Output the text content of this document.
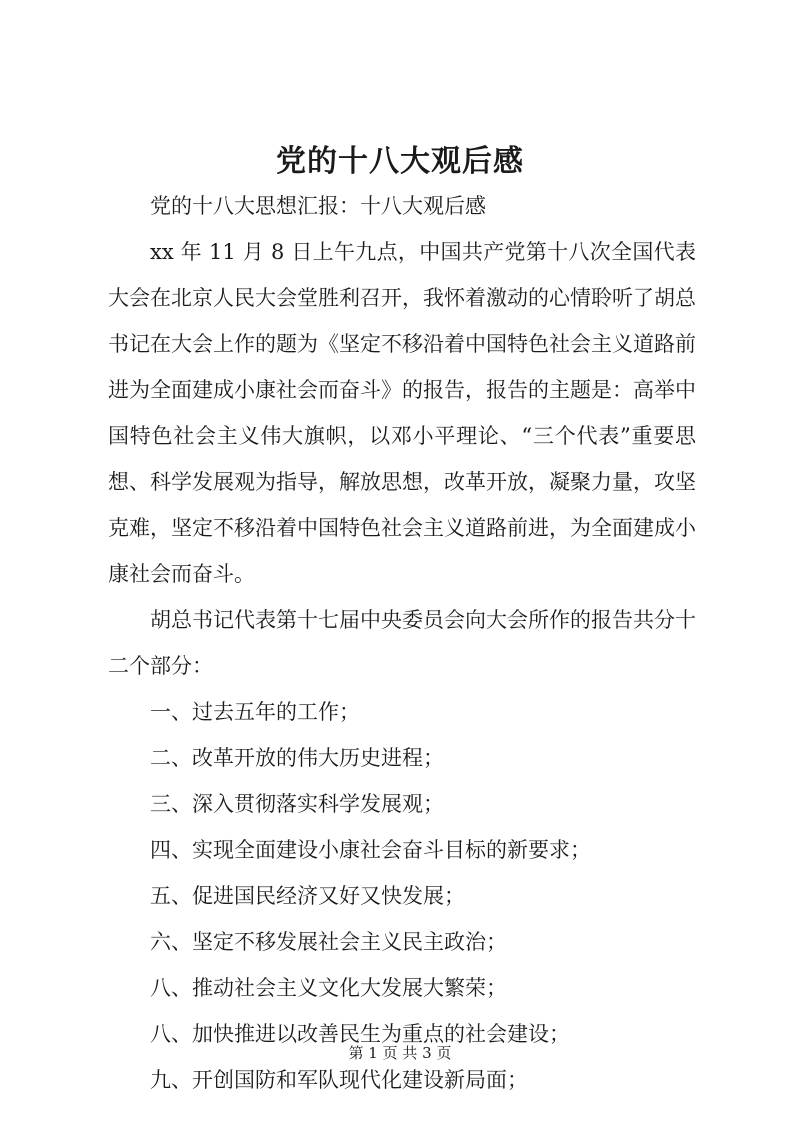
党的十八大观后感

党的十八大思想汇报：十八大观后感

xx 年 11 月 8 日上午九点，中国共产党第十八次全国代表大会在北京人民大会堂胜利召开，我怀着激动的心情聆听了胡总书记在大会上作的题为《坚定不移沿着中国特色社会主义道路前进为全面建成小康社会而奋斗》的报告，报告的主题是：高举中国特色社会主义伟大旗帜，以邓小平理论、“三个代表”重要思想、科学发展观为指导，解放思想，改革开放，凝聚力量，攻坚克难，坚定不移沿着中国特色社会主义道路前进，为全面建成小康社会而奋斗。

胡总书记代表第十七届中央委员会向大会所作的报告共分十二个部分：

一、过去五年的工作；

二、改革开放的伟大历史进程；

三、深入贯彻落实科学发展观；

四、实现全面建设小康社会奋斗目标的新要求；

五、促进国民经济又好又快发展；

六、坚定不移发展社会主义民主政治；

八、推动社会主义文化大发展大繁荣；

八、加快推进以改善民生为重点的社会建设；

九、开创国防和军队现代化建设新局面；

第 1 页 共 3 页
